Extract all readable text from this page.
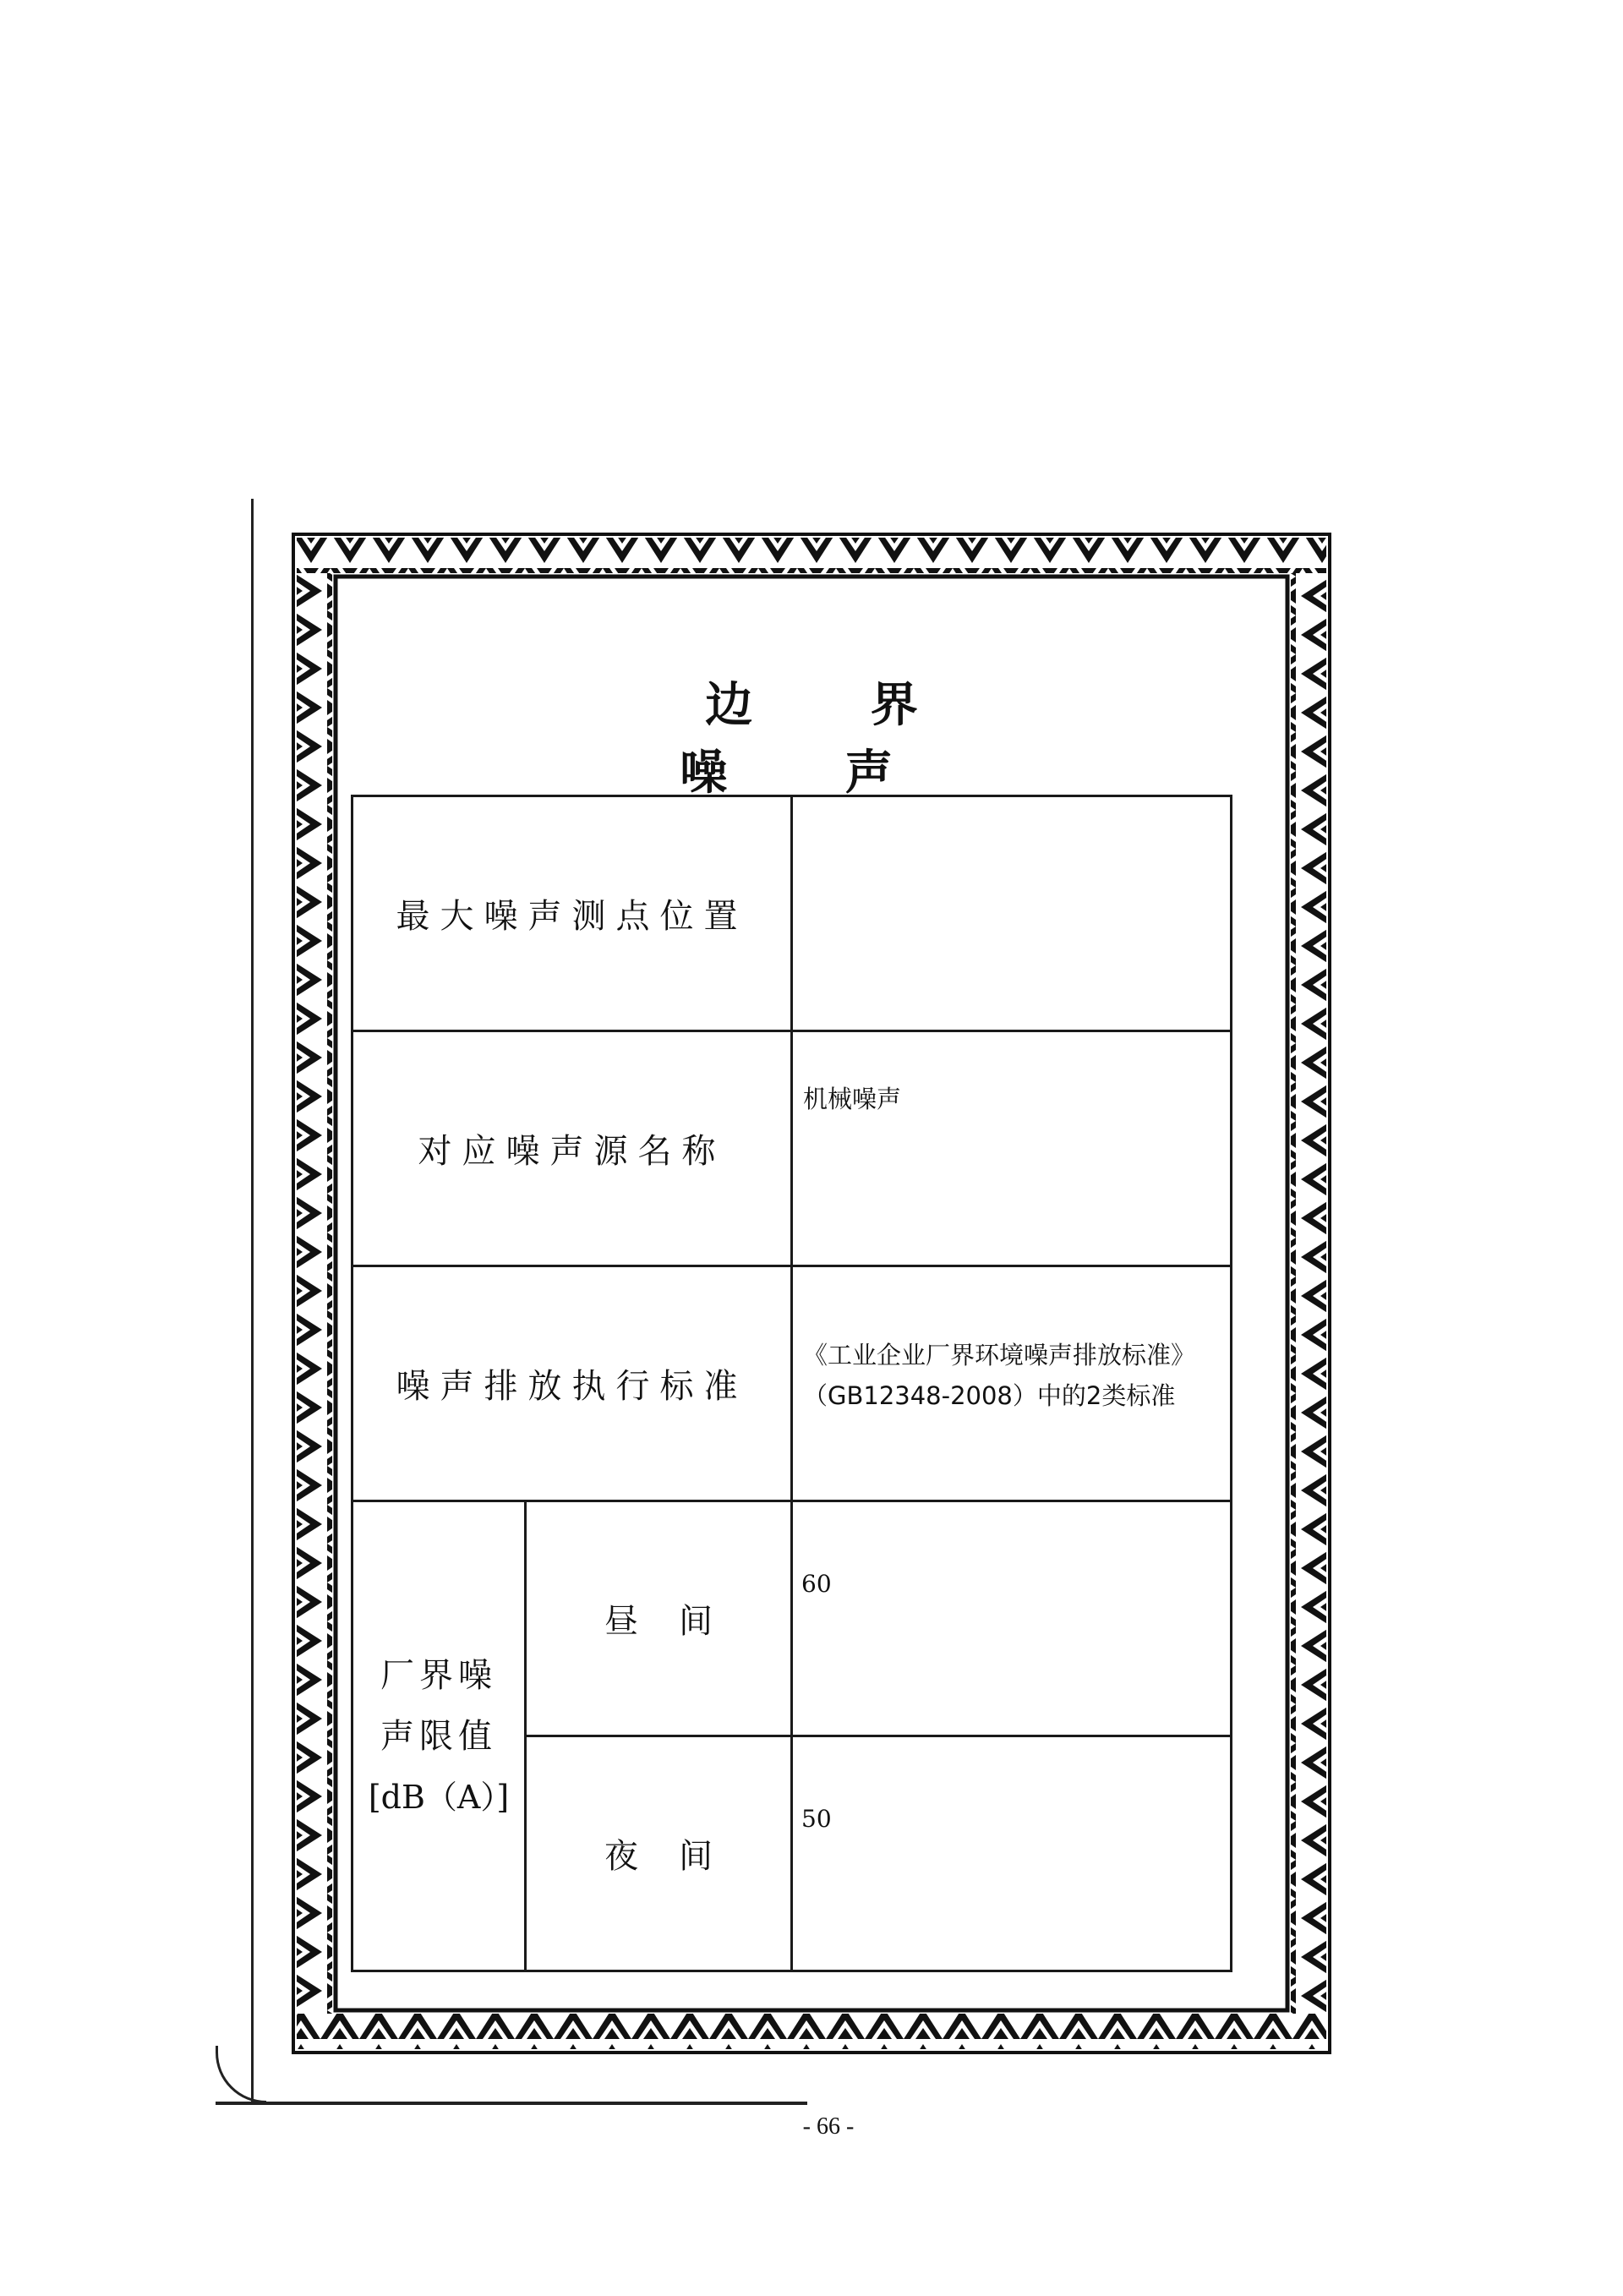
边 界 噪 声
最大噪声测点位置		
对应噪声源名称		机械噪声
噪声排放执行标准		《工业企业厂界环境噪声排放标准》（GB12348-2008）中的2类标准

厂界噪
声限值
[dB（A）]	昼间	60
	夜间	50
- 66 -
